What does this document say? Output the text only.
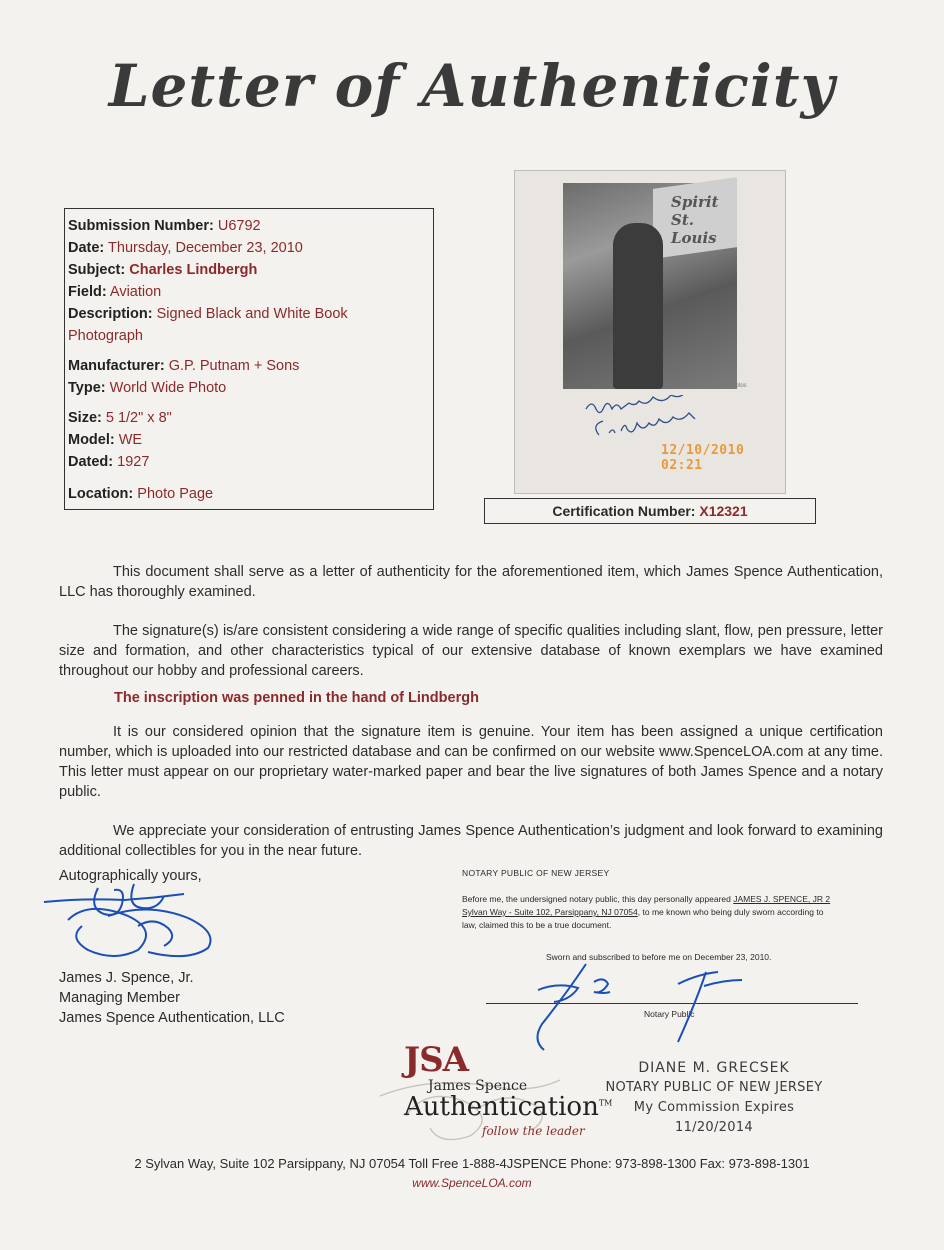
Letter of Authenticity
Submission Number: U6792
Date: Thursday, December 23, 2010
Subject: Charles Lindbergh
Field: Aviation
Description: Signed Black and White Book
Photograph
Manufacturer: G.P. Putnam + Sons
Type: World Wide Photo
Size: 5 1/2" x 8"
Model: WE
Dated: 1927
Location: Photo Page
Spirit St. Louis
©Wide World Photos
12/10/2010 02:21
Certification Number: X12321
This document shall serve as a letter of authenticity for the aforementioned item, which James Spence Authentication, LLC has thoroughly examined.
The signature(s) is/are consistent considering a wide range of specific qualities including slant, flow, pen pressure, letter size and formation, and other characteristics typical of our extensive database of known exemplars we have examined throughout our hobby and professional careers.
The inscription was penned in the hand of Lindbergh
It is our considered opinion that the signature item is genuine. Your item has been assigned a unique certification number, which is uploaded into our restricted database and can be confirmed on our website www.SpenceLOA.com at any time. This letter must appear on our proprietary water-marked paper and bear the live signatures of both James Spence and a notary public.
We appreciate your consideration of entrusting James Spence Authentication’s judgment and look forward to examining additional collectibles for you in the near future.
Autographically yours,
James J. Spence, Jr.
Managing Member
James Spence Authentication, LLC
NOTARY PUBLIC OF NEW JERSEY
Before me, the undersigned notary public, this day personally appeared JAMES J. SPENCE, JR 2 Sylvan Way - Suite 102, Parsippany, NJ 07054, to me known who being duly sworn according to law, claimed this to be a true document.
Sworn and subscribed to before me on December 23, 2010.
Notary Public
JSA
James Spence
Authentication™
follow the leader
DIANE M. GRECSEK
NOTARY PUBLIC OF NEW JERSEY
My Commission Expires 11/20/2014
2 Sylvan Way, Suite 102 Parsippany, NJ 07054 Toll Free 1-888-4JSPENCE Phone: 973-898-1300 Fax: 973-898-1301
www.SpenceLOA.com
